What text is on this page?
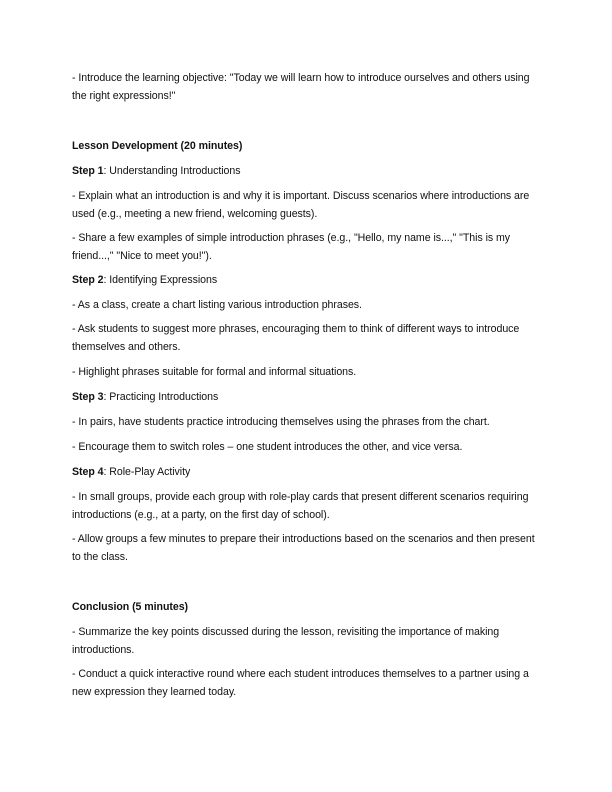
- Introduce the learning objective: "Today we will learn how to introduce ourselves and others using the right expressions!"

Lesson Development (20 minutes)

Step 1: Understanding Introductions

- Explain what an introduction is and why it is important. Discuss scenarios where introductions are used (e.g., meeting a new friend, welcoming guests).

- Share a few examples of simple introduction phrases (e.g., "Hello, my name is...," "This is my friend...," "Nice to meet you!").

Step 2: Identifying Expressions

- As a class, create a chart listing various introduction phrases.

- Ask students to suggest more phrases, encouraging them to think of different ways to introduce themselves and others.

- Highlight phrases suitable for formal and informal situations.

Step 3: Practicing Introductions

- In pairs, have students practice introducing themselves using the phrases from the chart.

- Encourage them to switch roles – one student introduces the other, and vice versa.

Step 4: Role-Play Activity

- In small groups, provide each group with role-play cards that present different scenarios requiring introductions (e.g., at a party, on the first day of school).

- Allow groups a few minutes to prepare their introductions based on the scenarios and then present to the class.

Conclusion (5 minutes)

- Summarize the key points discussed during the lesson, revisiting the importance of making introductions.

- Conduct a quick interactive round where each student introduces themselves to a partner using a new expression they learned today.
